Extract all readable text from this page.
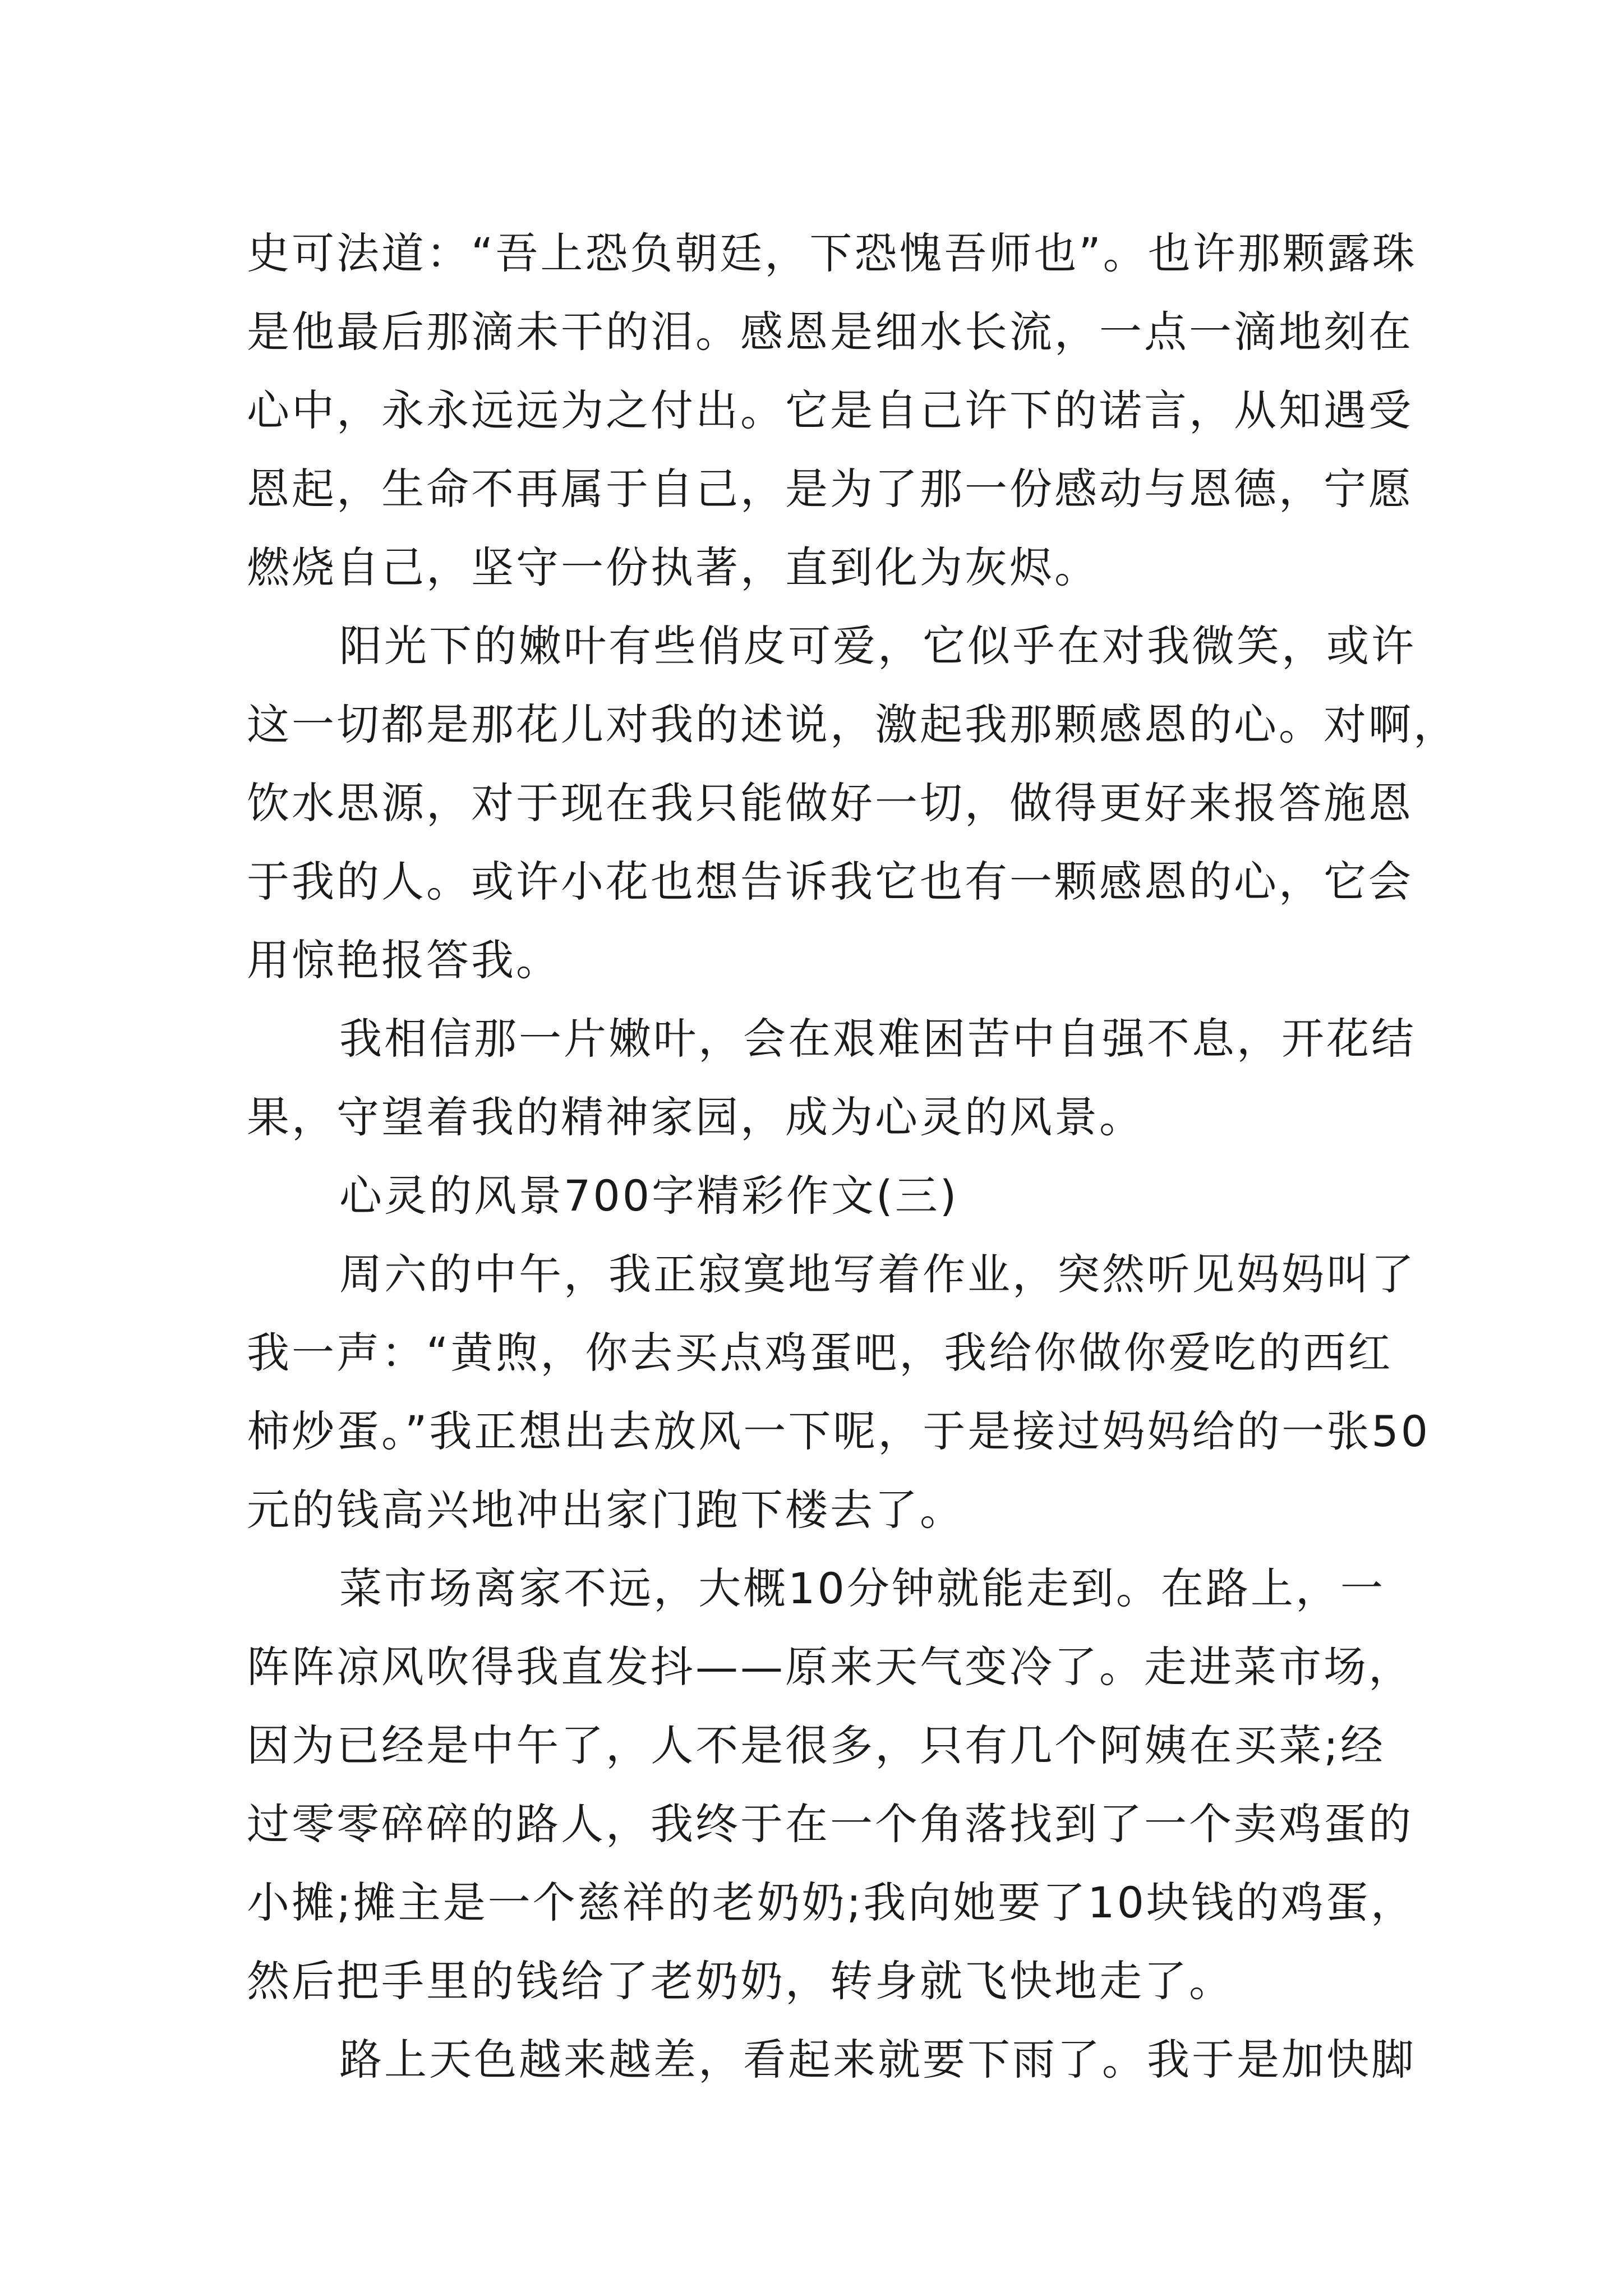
史可法道：“吾上恐负朝廷，下恐愧吾师也”。也许那颗露珠
是他最后那滴未干的泪。感恩是细水长流，一点一滴地刻在
心中，永永远远为之付出。它是自己许下的诺言，从知遇受
恩起，生命不再属于自己，是为了那一份感动与恩德，宁愿
燃烧自己，坚守一份执著，直到化为灰烬。
阳光下的嫩叶有些俏皮可爱，它似乎在对我微笑，或许
这一切都是那花儿对我的述说，激起我那颗感恩的心。对啊，
饮水思源，对于现在我只能做好一切，做得更好来报答施恩
于我的人。或许小花也想告诉我它也有一颗感恩的心，它会
用惊艳报答我。
我相信那一片嫩叶，会在艰难困苦中自强不息，开花结
果，守望着我的精神家园，成为心灵的风景。
心灵的风景700字精彩作文(三)
周六的中午，我正寂寞地写着作业，突然听见妈妈叫了
我一声：“黄煦，你去买点鸡蛋吧，我给你做你爱吃的西红
柿炒蛋。”我正想出去放风一下呢，于是接过妈妈给的一张50
元的钱高兴地冲出家门跑下楼去了。
菜市场离家不远，大概10分钟就能走到。在路上，一
阵阵凉风吹得我直发抖——原来天气变冷了。走进菜市场，
因为已经是中午了，人不是很多，只有几个阿姨在买菜;经
过零零碎碎的路人，我终于在一个角落找到了一个卖鸡蛋的
小摊;摊主是一个慈祥的老奶奶;我向她要了10块钱的鸡蛋，
然后把手里的钱给了老奶奶，转身就飞快地走了。
路上天色越来越差，看起来就要下雨了。我于是加快脚
